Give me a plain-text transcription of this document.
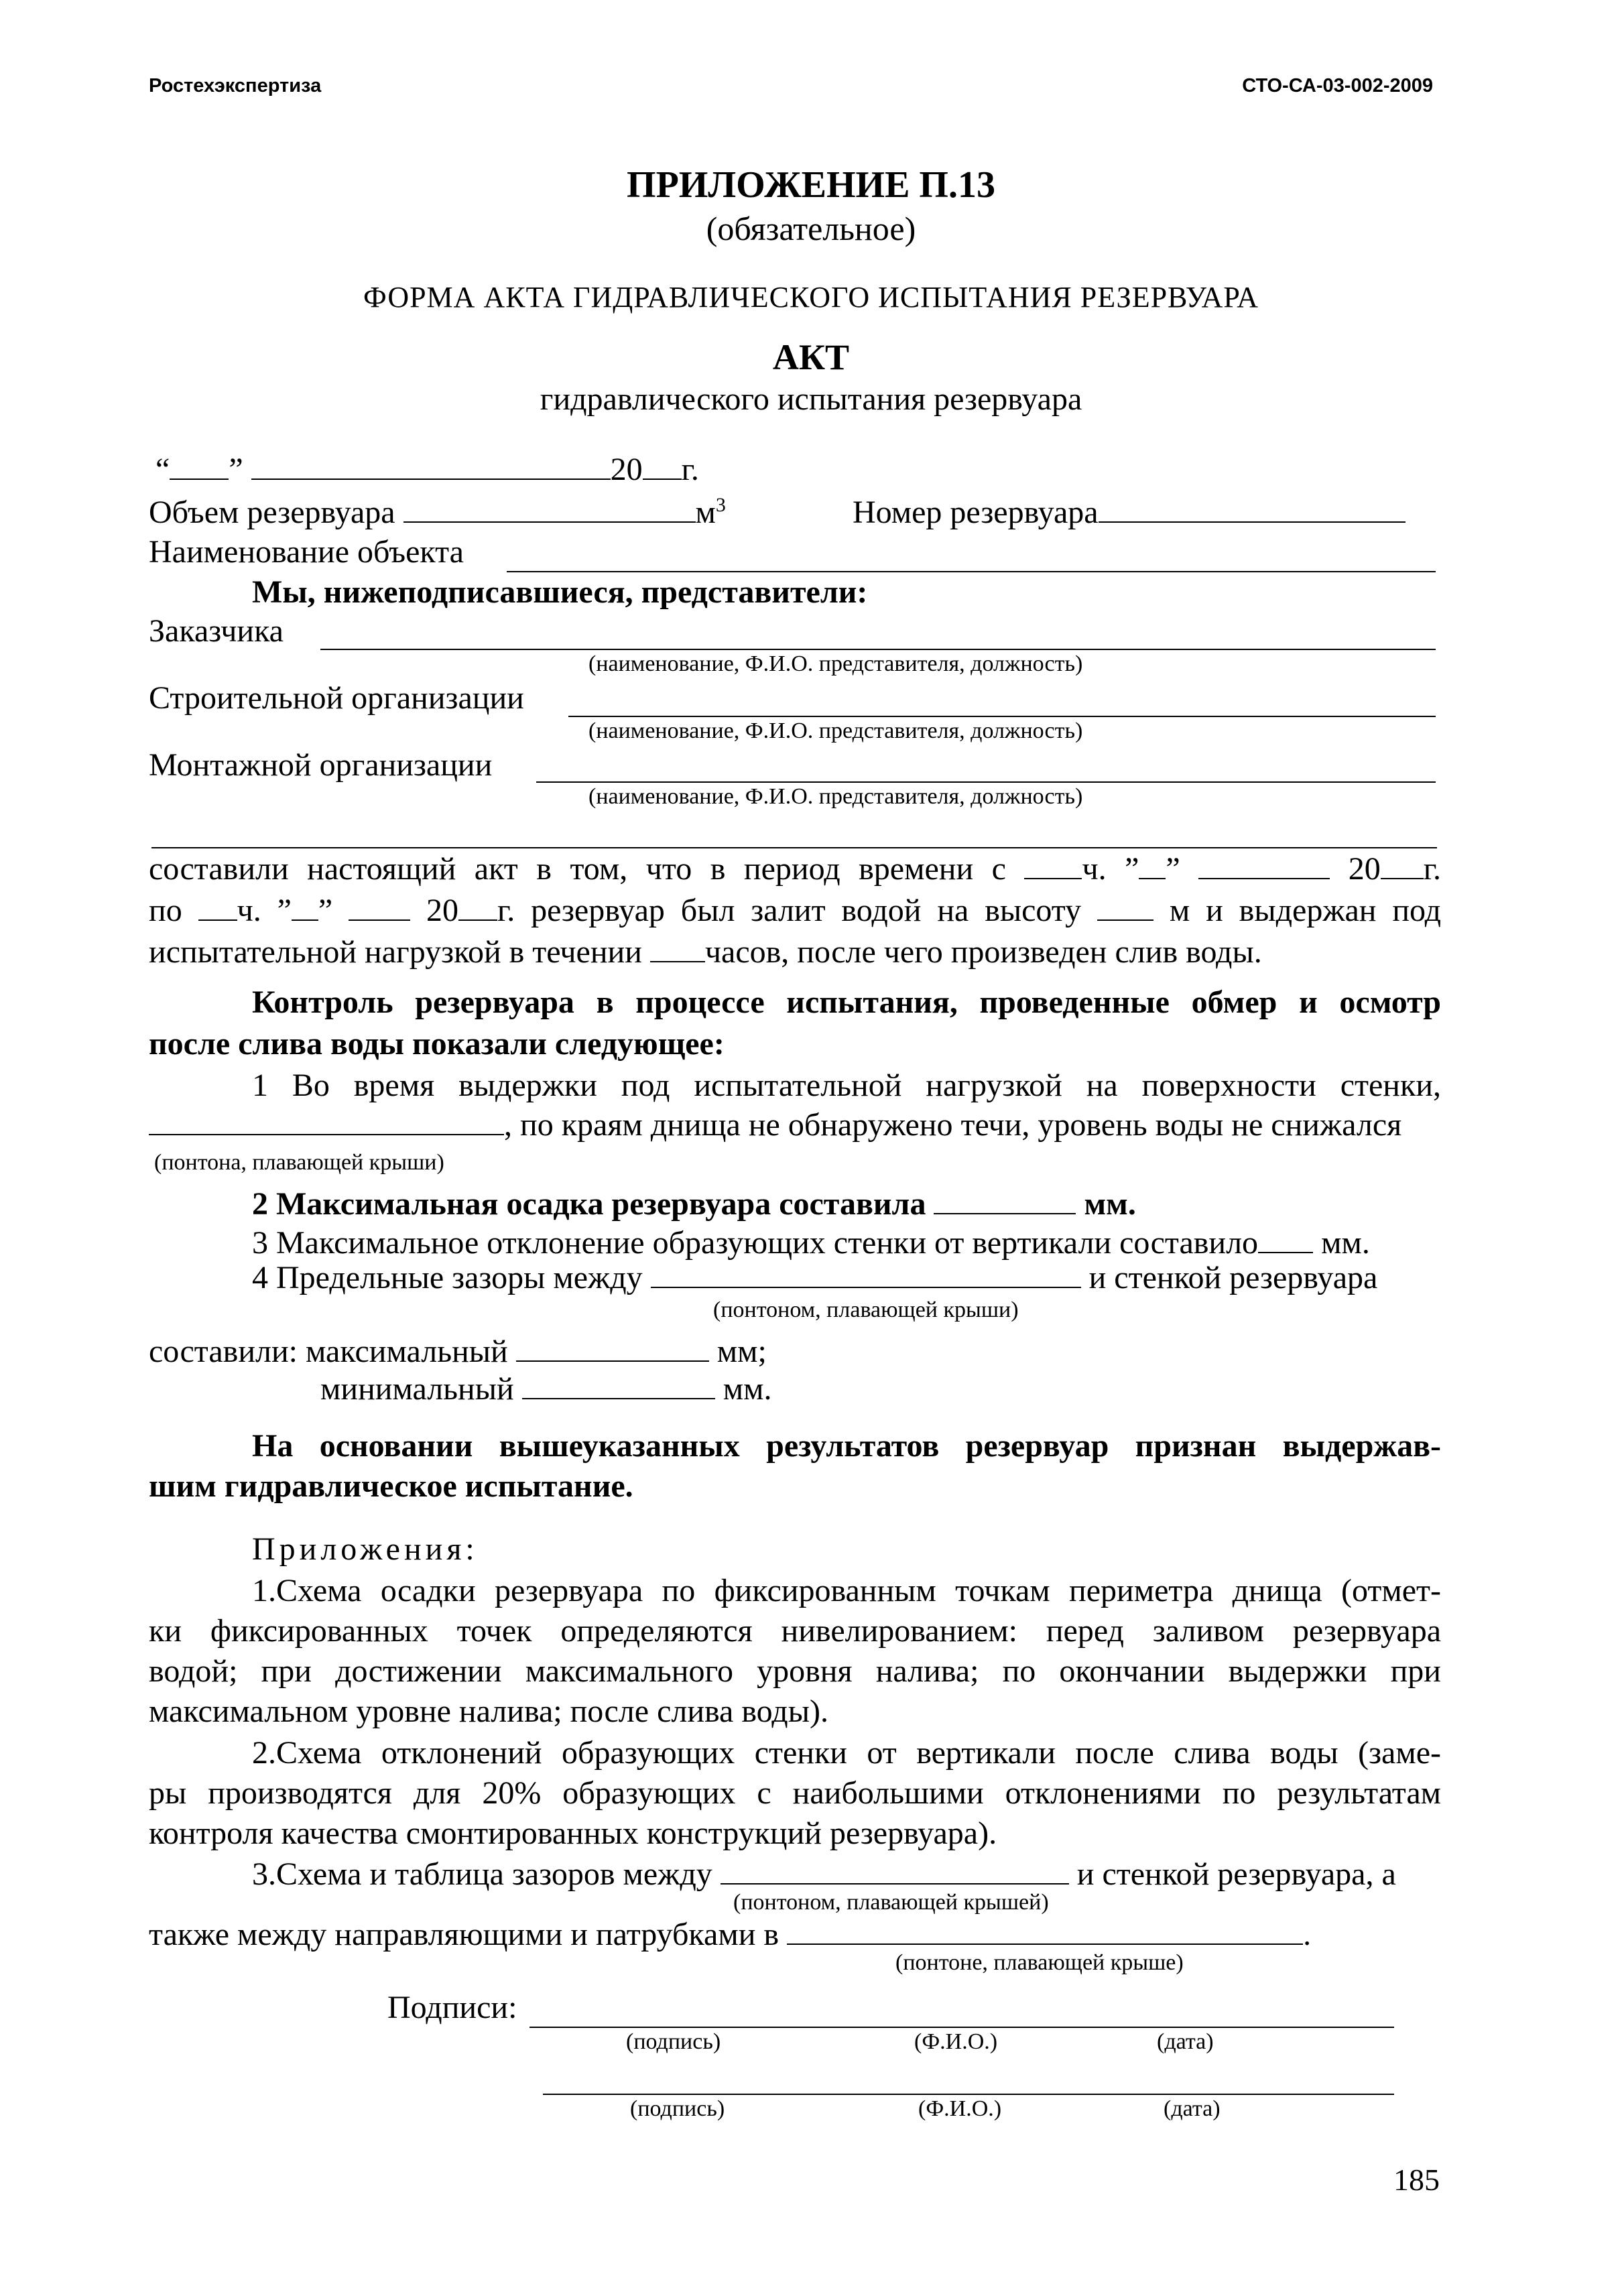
Ростехэкспертиза	СТО-СА-03-002-2009
ПРИЛОЖЕНИЕ П.13
(обязательное)
ФОРМА АКТА ГИДРАВЛИЧЕСКОГО ИСПЫТАНИЯ РЕЗЕРВУАРА
АКТ
гидравлического испытания резервуара
“ ”	20 г.
Объем резервуара	$м^3$	Номер резервуара
Наименование объекта
Мы, нижеподписавшиеся, представители:
Заказчика
(наименование, Ф.И.О. представителя, должность)
Строительной организации
(наименование, Ф.И.О. представителя, должность)
Монтажной организации
(наименование, Ф.И.О. представителя, должность)
составили настоящий акт в том, что в период времени с ч. ” ”	20 г.
по ч. ” ”	20 г. резервуар был залит водой на высоту	м и выдержан под
испытательной нагрузкой в течении часов, после чего произведен слив воды.
Контроль резервуара в процессе испытания, проведенные обмер и осмотр
после слива воды показали следующее:
1 Во время выдержки под испытательной нагрузкой на поверхности стенки,
, по краям днища не обнаружено течи, уровень воды не снижался
(понтона, плавающей крыши)
2 Максимальная осадка резервуара составила	мм.
3 Максимальное отклонение образующих стенки от вертикали составило мм.
4 Предельные зазоры между	и стенкой резервуара
(понтоном, плавающей крыши)
составили: максимальный	мм;
минимальный	мм.
На основании вышеуказанных результатов резервуар признан выдержав-
шим гидравлическое испытание.
Приложения:
1.Схема осадки резервуара по фиксированным точкам периметра днища (отмет-
ки фиксированных точек определяются нивелированием: перед заливом резервуара
водой; при достижении максимального уровня налива; по окончании выдержки при
максимальном уровне налива; после слива воды).
2.Схема отклонений образующих стенки от вертикали после слива воды (заме-
ры производятся для 20% образующих с наибольшими отклонениями по результатам
контроля качества смонтированных конструкций резервуара).
3.Схема и таблица зазоров между	и стенкой резервуара, а
(понтоном, плавающей крышей)
также между направляющими и патрубками в	.
(понтоне, плавающей крыше)
Подписи:
(подпись)	(Ф.И.О.)	(дата)
(подпись)	(Ф.И.О.)	(дата)
185
